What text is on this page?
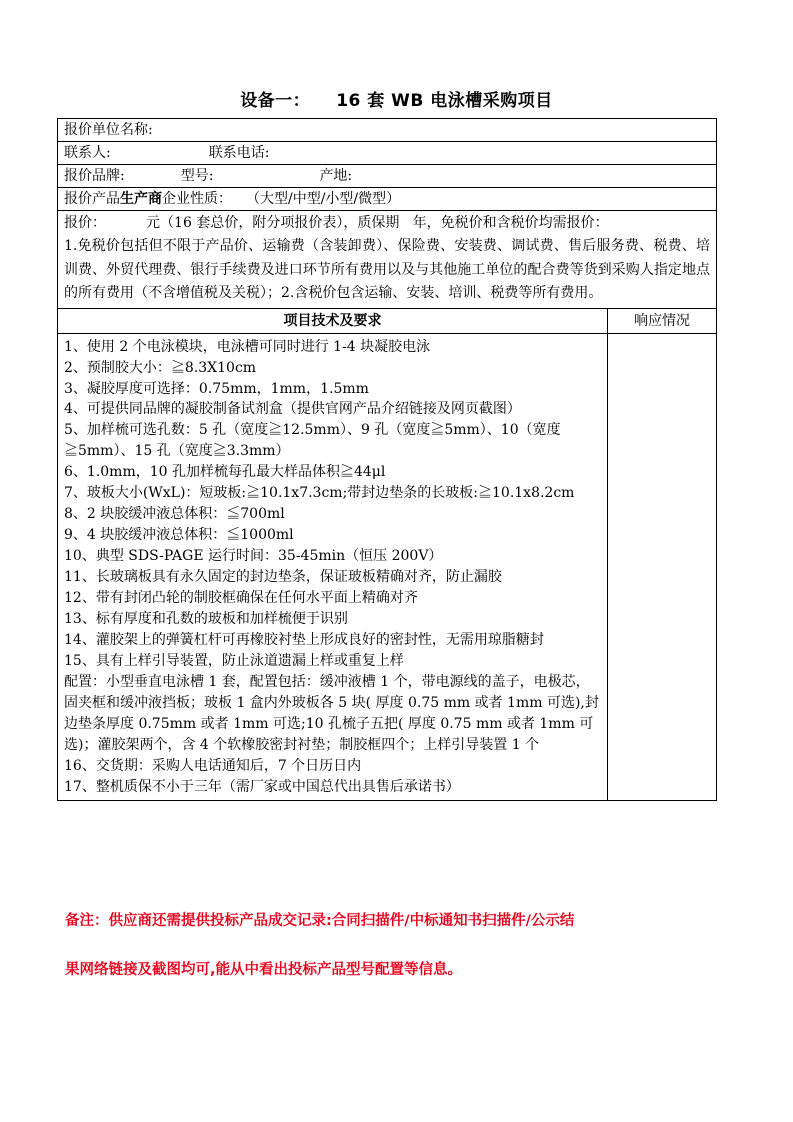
设备一： 16 套 WB 电泳槽采购项目
报价单位名称:
联系人:	联系电话:
报价品牌:	型号:	产地:
报价产品生产商企业性质： （大型/中型/小型/微型）
报价：         元（16 套总价，附分项报价表），质保期   年，免税价和含税价均需报价：
1.免税价包括但不限于产品价、运输费（含装卸费）、保险费、安装费、调试费、售后服务费、税费、培训费、外贸代理费、银行手续费及进口环节所有费用以及与其他施工单位的配合费等货到采购人指定地点的所有费用（不含增值税及关税）；2.含税价包含运输、安装、培训、税费等所有费用。
项目技术及要求	响应情况
1、使用 2 个电泳模块，电泳槽可同时进行 1-4 块凝胶电泳
2、预制胶大小：≧8.3X10cm
3、凝胶厚度可选择：0.75mm，1mm，1.5mm
4、可提供同品牌的凝胶制备试剂盒（提供官网产品介绍链接及网页截图）
5、加样梳可选孔数：5 孔（宽度≧12.5mm）、9 孔（宽度≧5mm）、10（宽度≧5mm）、15 孔（宽度≧3.3mm）
6、1.0mm，10 孔加样梳每孔最大样品体积≧44μl
7、玻板大小(WxL)：短玻板:≧10.1x7.3cm;带封边垫条的长玻板:≧10.1x8.2cm
8、2 块胶缓冲液总体积：≦700ml
9、4 块胶缓冲液总体积：≦1000ml
10、典型 SDS-PAGE 运行时间：35-45min（恒压 200V）
11、长玻璃板具有永久固定的封边垫条，保证玻板精确对齐，防止漏胶
12、带有封闭凸轮的制胶框确保在任何水平面上精确对齐
13、标有厚度和孔数的玻板和加样梳便于识别
14、灌胶架上的弹簧杠杆可再橡胶衬垫上形成良好的密封性，无需用琼脂糖封
15、具有上样引导装置，防止泳道遗漏上样或重复上样
配置：小型垂直电泳槽 1 套，配置包括：缓冲液槽 1 个，带电源线的盖子，电极芯，固夹框和缓冲液挡板；玻板 1 盒内外玻板各 5 块( 厚度 0.75 mm 或者 1mm 可选),封边垫条厚度 0.75mm 或者 1mm 可选;10 孔梳子五把( 厚度 0.75 mm 或者 1mm 可选)；灌胶架两个，含 4 个软橡胶密封衬垫；制胶框四个；上样引导装置 1 个
16、交货期：采购人电话通知后，7 个日历日内
17、整机质保不小于三年（需厂家或中国总代出具售后承诺书）
备注：供应商还需提供投标产品成交记录:合同扫描件/中标通知书扫描件/公示结
果网络链接及截图均可,能从中看出投标产品型号配置等信息。
